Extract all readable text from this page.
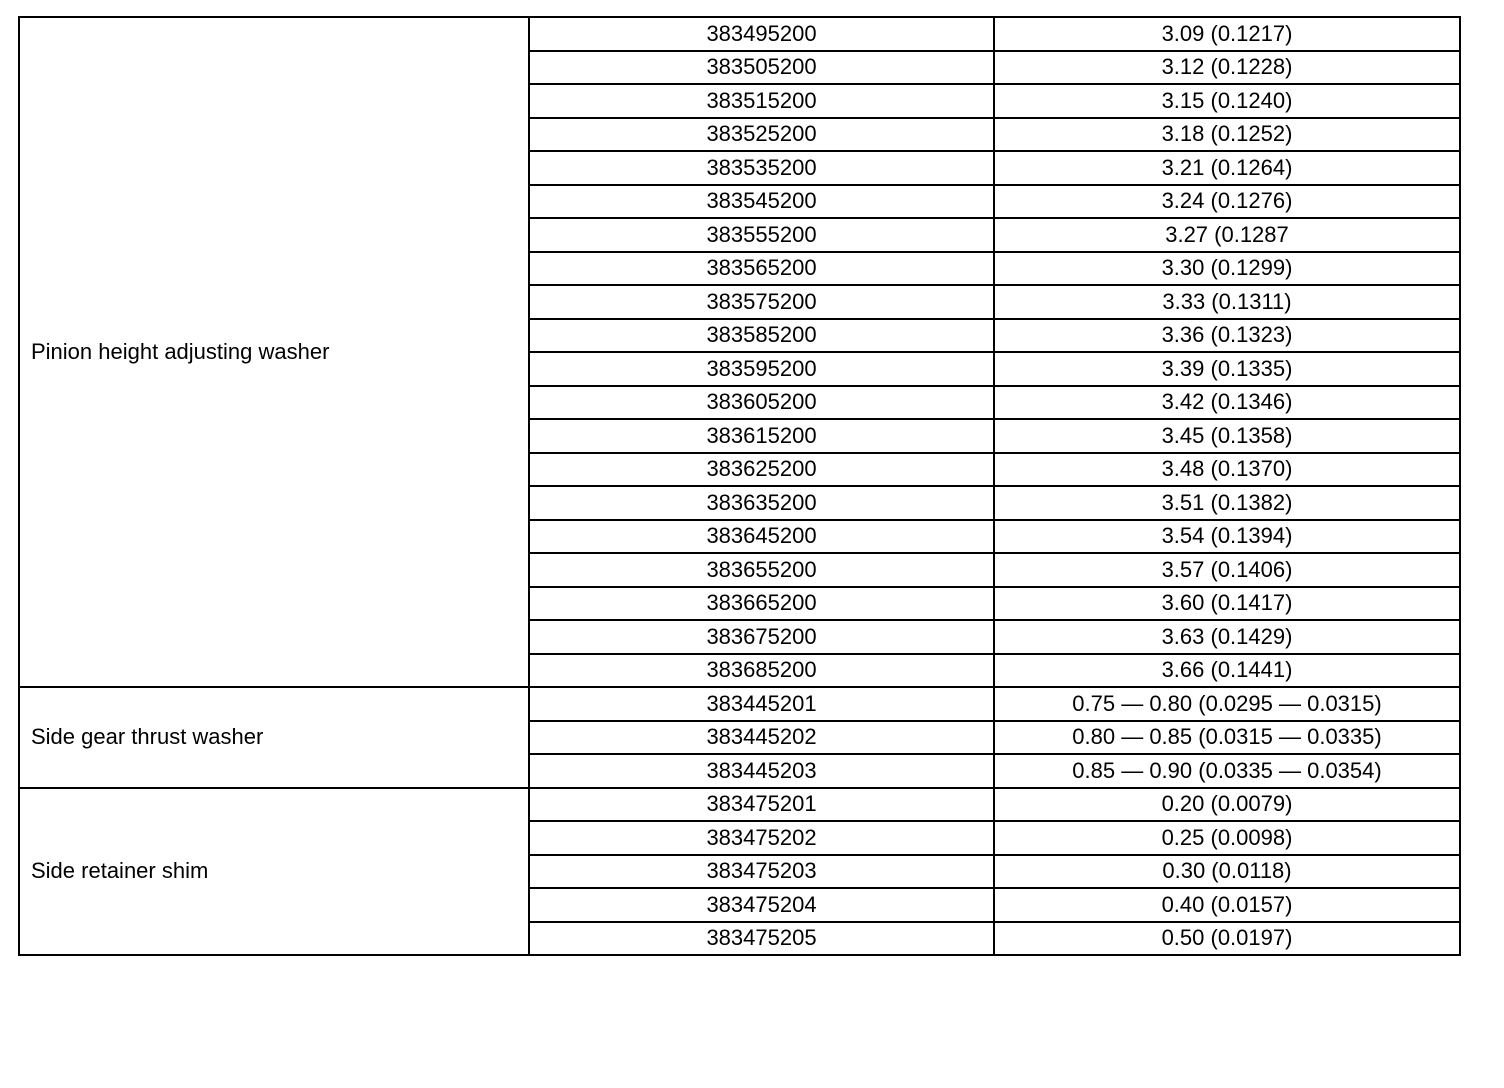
Pinion height adjusting washer	383495200	3.09 (0.1217)
	383505200	3.12 (0.1228)
	383515200	3.15 (0.1240)
	383525200	3.18 (0.1252)
	383535200	3.21 (0.1264)
	383545200	3.24 (0.1276)
	383555200	3.27 (0.1287
	383565200	3.30 (0.1299)
	383575200	3.33 (0.1311)
	383585200	3.36 (0.1323)
	383595200	3.39 (0.1335)
	383605200	3.42 (0.1346)
	383615200	3.45 (0.1358)
	383625200	3.48 (0.1370)
	383635200	3.51 (0.1382)
	383645200	3.54 (0.1394)
	383655200	3.57 (0.1406)
	383665200	3.60 (0.1417)
	383675200	3.63 (0.1429)
	383685200	3.66 (0.1441)
Side gear thrust washer	383445201	0.75 — 0.80 (0.0295 — 0.0315)
	383445202	0.80 — 0.85 (0.0315 — 0.0335)
	383445203	0.85 — 0.90 (0.0335 — 0.0354)
Side retainer shim	383475201	0.20 (0.0079)
	383475202	0.25 (0.0098)
	383475203	0.30 (0.0118)
	383475204	0.40 (0.0157)
	383475205	0.50 (0.0197)
